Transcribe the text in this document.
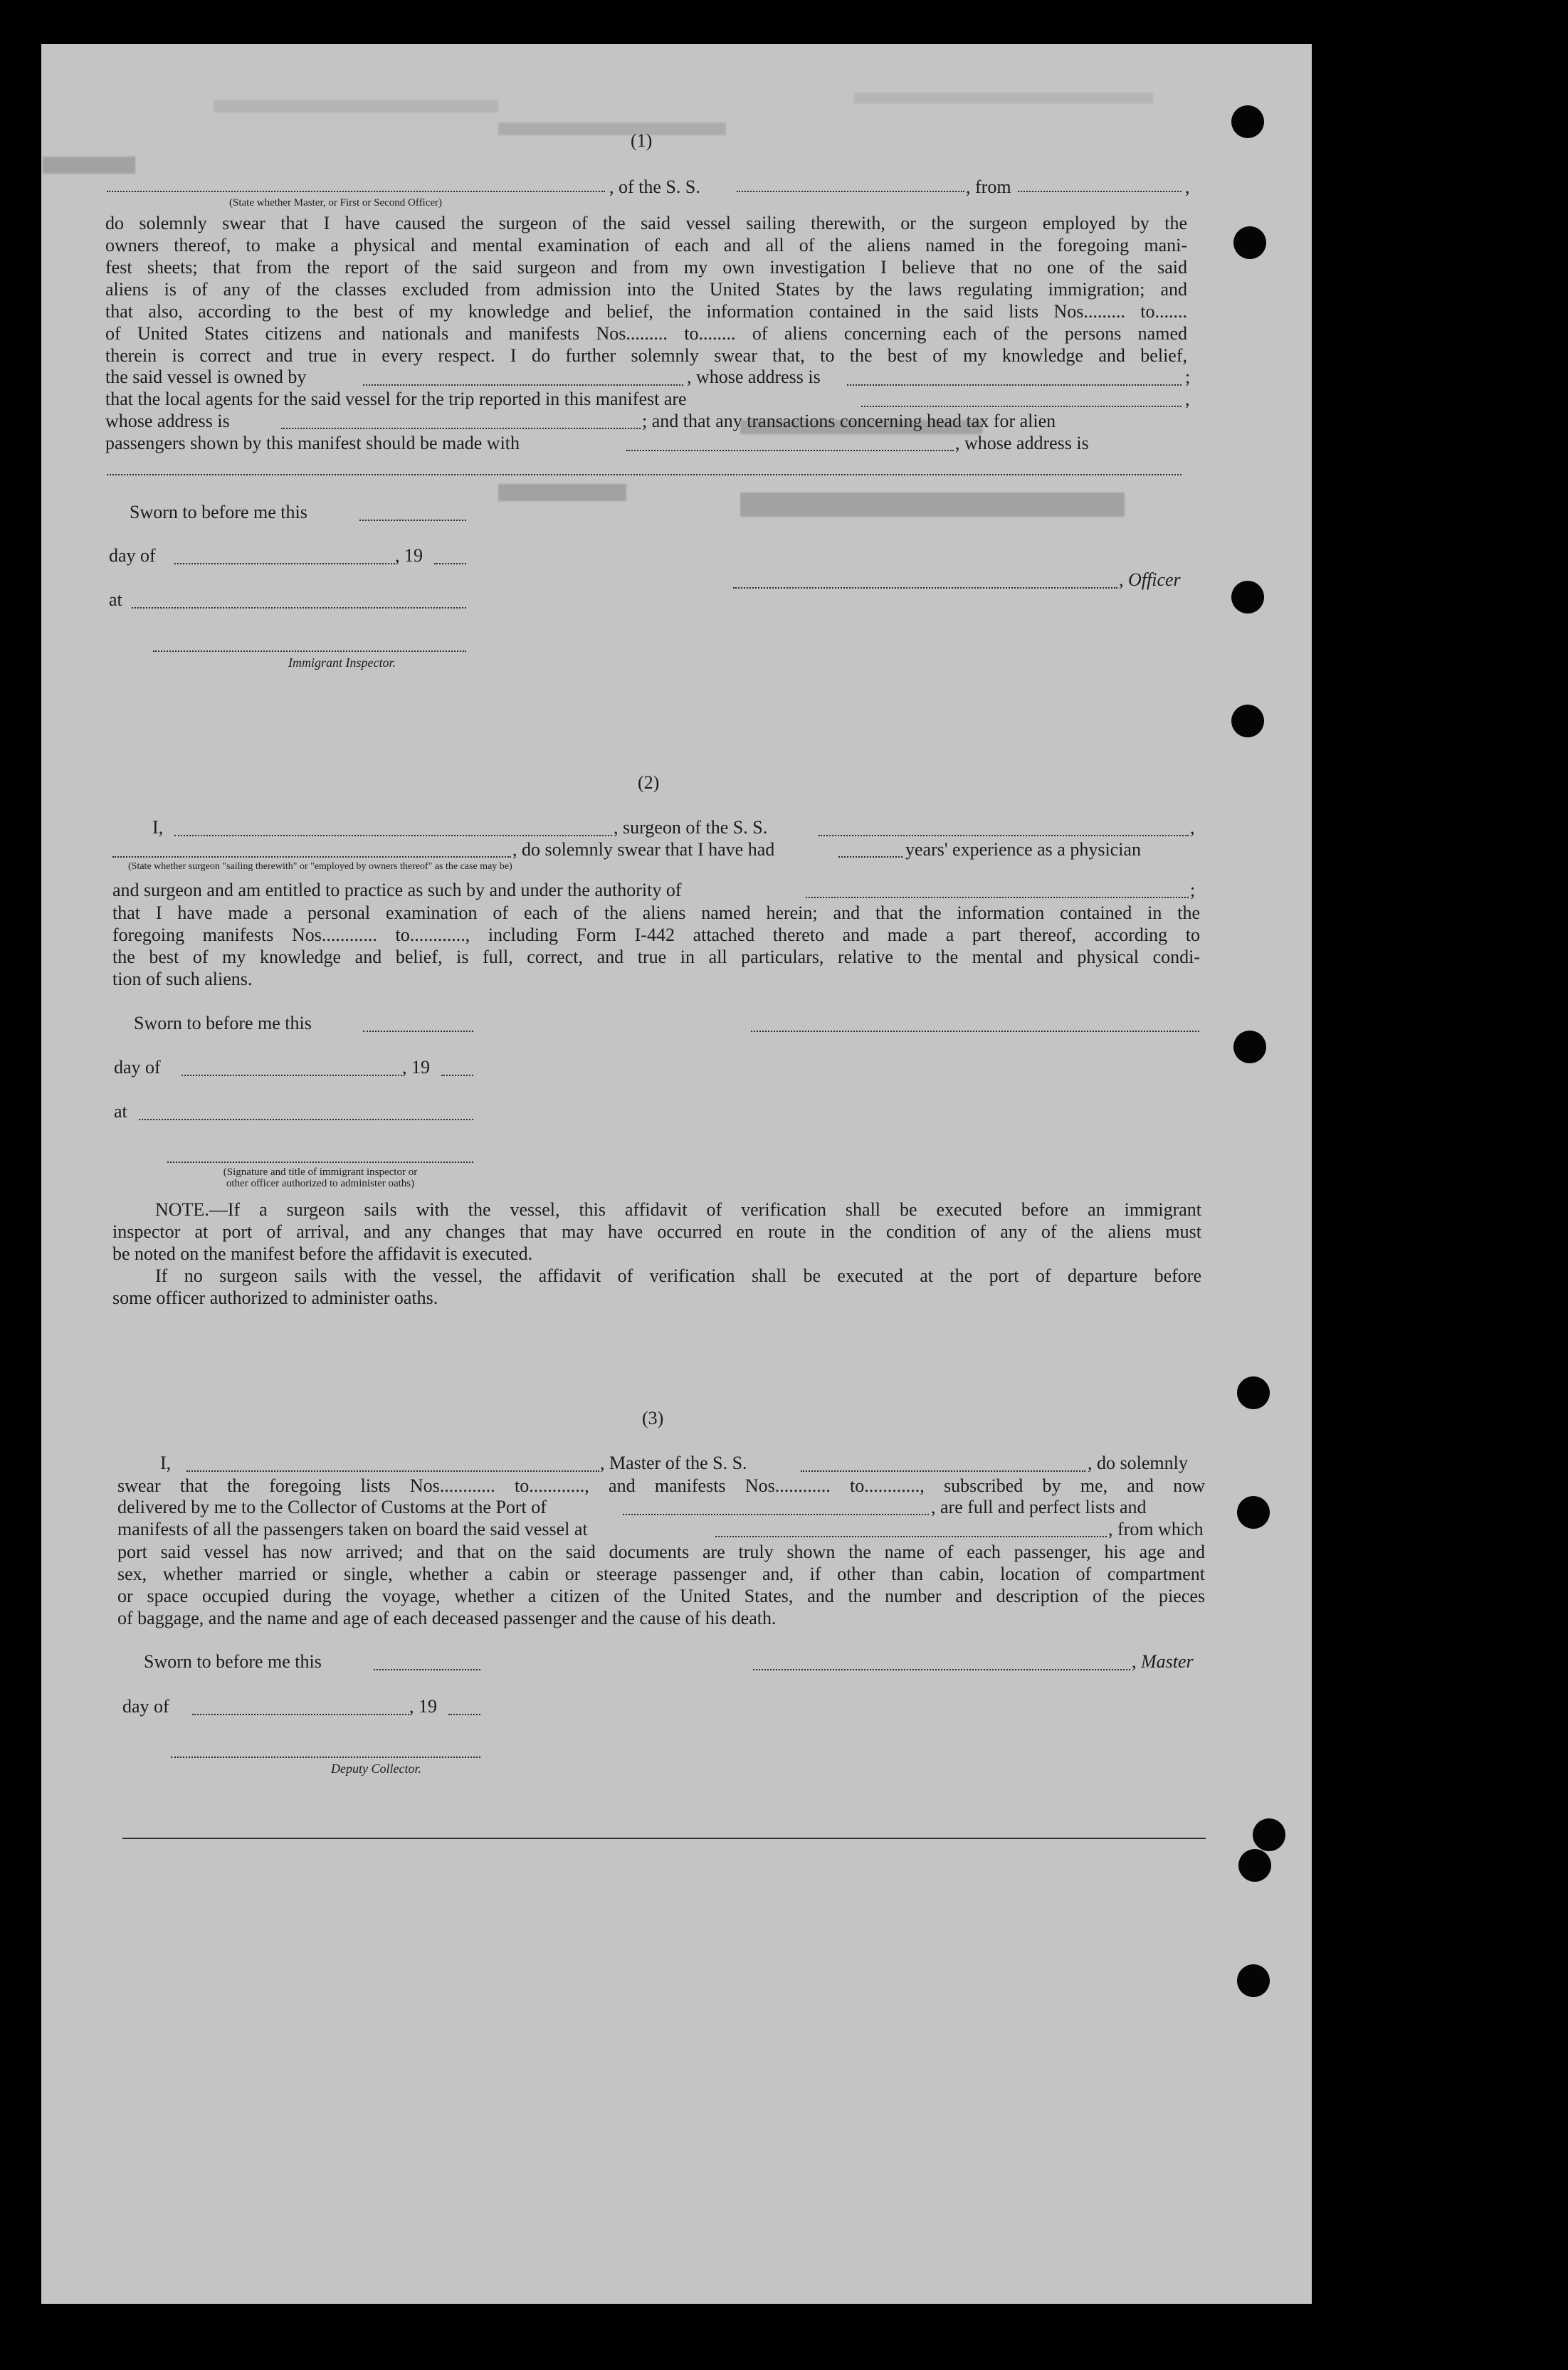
(1)
, of the S. S.	, from	,
(State whether Master, or First or Second Officer)
do solemnly swear that I have caused the surgeon of the said vessel sailing therewith, or the surgeon employed by the
owners thereof, to make a physical and mental examination of each and all of the aliens named in the foregoing mani-
fest sheets; that from the report of the said surgeon and from my own investigation I believe that no one of the said
aliens is of any of the classes excluded from admission into the United States by the laws regulating immigration; and
that also, according to the best of my knowledge and belief, the information contained in the said lists Nos......... to.......
of United States citizens and nationals and manifests Nos......... to........ of aliens concerning each of the persons named
therein is correct and true in every respect. I do further solemnly swear that, to the best of my knowledge and belief,
the said vessel is owned by	, whose address is	;
that the local agents for the said vessel for the trip reported in this manifest are	,
whose address is	; and that any transactions concerning head tax for alien
passengers shown by this manifest should be made with	, whose address is
Sworn to before me this
day of	, 19
at
Immigrant Inspector.
, Officer
(2)
I,	, surgeon of the S. S.	,
, do solemnly swear that I have had	years' experience as a physician
(State whether surgeon "sailing therewith" or "employed by owners thereof" as the case may be)
and surgeon and am entitled to practice as such by and under the authority of	;
that I have made a personal examination of each of the aliens named herein; and that the information contained in the
foregoing manifests Nos............ to............, including Form I-442 attached thereto and made a part thereof, according to
the best of my knowledge and belief, is full, correct, and true in all particulars, relative to the mental and physical condi-
tion of such aliens.
Sworn to before me this
day of	, 19
at
(Signature and title of immigrant inspector or
other officer authorized to administer oaths)
NOTE.—If a surgeon sails with the vessel, this affidavit of verification shall be executed before an immigrant
inspector at port of arrival, and any changes that may have occurred en route in the condition of any of the aliens must
be noted on the manifest before the affidavit is executed.
If no surgeon sails with the vessel, the affidavit of verification shall be executed at the port of departure before
some officer authorized to administer oaths.
(3)
I,	, Master of the S. S.	, do solemnly
swear that the foregoing lists Nos............ to............, and manifests Nos............ to............, subscribed by me, and now
delivered by me to the Collector of Customs at the Port of	, are full and perfect lists and
manifests of all the passengers taken on board the said vessel at	, from which
port said vessel has now arrived; and that on the said documents are truly shown the name of each passenger, his age and
sex, whether married or single, whether a cabin or steerage passenger and, if other than cabin, location of compartment
or space occupied during the voyage, whether a citizen of the United States, and the number and description of the pieces
of baggage, and the name and age of each deceased passenger and the cause of his death.
Sworn to before me this	, Master
day of	, 19
Deputy Collector.
